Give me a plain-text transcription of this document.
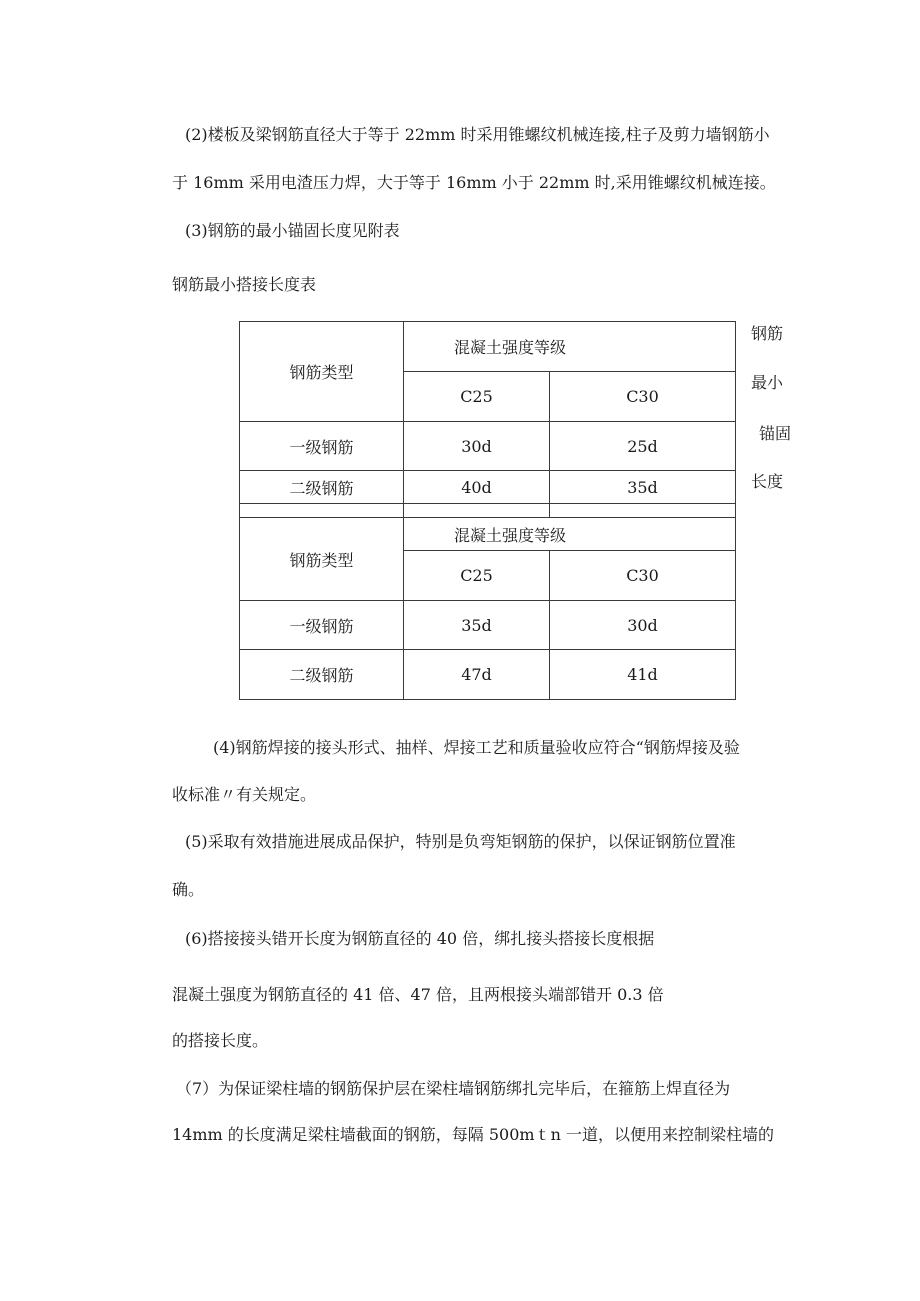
(2)楼板及梁钢筋直径大于等于 22mm 时采用锥螺纹机械连接,柱子及剪力墙钢筋小
于 16mm 采用电渣压力焊，大于等于 16mm 小于 22mm 时,采用锥螺纹机械连接。
(3)钢筋的最小锚固长度见附表
钢筋最小搭接长度表
钢筋类型	混凝土强度等级	
	C25	C30
一级钢筋	30d	25d
二级钢筋	40d	35d

钢筋类型	混凝土强度等级	
	C25	C30
一级钢筋	35d	30d
二级钢筋	47d	41d
钢筋
最小
锚固
长度
(4)钢筋焊接的接头形式、抽样、焊接工艺和质量验收应符合“钢筋焊接及验
收标准〃有关规定。
(5)采取有效措施进展成品保护，特别是负弯矩钢筋的保护，以保证钢筋位置准
确。
(6)搭接接头错开长度为钢筋直径的 40 倍，绑扎接头搭接长度根据
混凝土强度为钢筋直径的 41 倍、47 倍，且两根接头端部错开 0.3 倍
的搭接长度。
（7）为保证梁柱墙的钢筋保护层在梁柱墙钢筋绑扎完毕后，在箍筋上焊直径为
14mm 的长度满足梁柱墙截面的钢筋，每隔 500mｔn 一道，以便用来控制梁柱墙的
